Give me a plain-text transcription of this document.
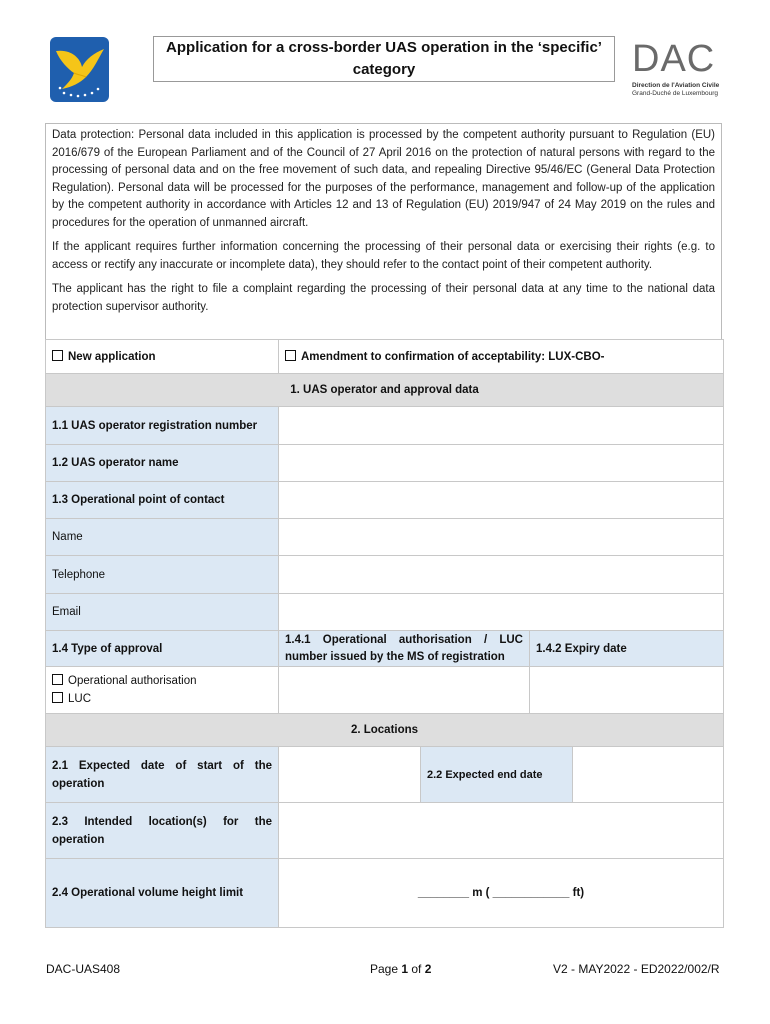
Application for a cross-border UAS operation in the ‘specific’
category	DAC
Direction de l'Aviation Civile
Grand-Duché de Luxembourg

Data protection: Personal data included in this application is processed by the competent authority pursuant to Regulation (EU) 2016/679 of the European Parliament and of the Council of 27 April 2016 on the protection of natural persons with regard to the processing of personal data and on the free movement of such data, and repealing Directive 95/46/EC (General Data Protection Regulation). Personal data will be processed for the purposes of the performance, management and follow-up of the application by the competent authority in accordance with Articles 12 and 13 of Regulation (EU) 2019/947 of 24 May 2019 on the rules and procedures for the operation of unmanned aircraft.

If the applicant requires further information concerning the processing of their personal data or exercising their rights (e.g. to access or rectify any inaccurate or incomplete data), they should refer to the contact point of their competent authority.

The applicant has the right to file a complaint regarding the processing of their personal data at any time to the national data protection supervisor authority.

New application	Amendment to confirmation of acceptability: LUX-CBO-			
1. UAS operator and approval data				
1.1 UAS operator registration number				
1.2 UAS operator name				
1.3 Operational point of contact				
Name				
Telephone				
Email				
1.4 Type of approval	1.4.1 Operational authorisation / LUC number issued by the MS of registration		1.4.2 Expiry date	

Operational authorisation
LUC				

2. Locations				
2.1 Expected date of start of the operation		2.2 Expected end date		
2.3 Intended location(s) for the operation				
2.4 Operational volume height limit	________ m ( ____________ ft)			
DAC-UAS408	Page 1 of 2	V2 - MAY2022 - ED2022/002/R
